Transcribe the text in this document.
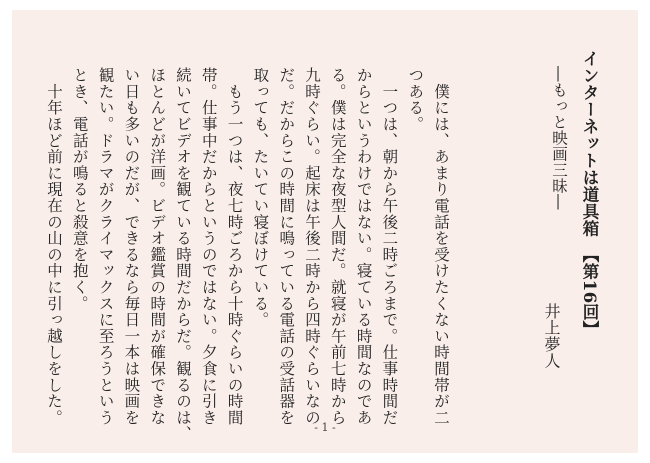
インターネットは道具箱　【第16回】

―もっと映画三昧―

井上夢人

　僕には、あまり電話を受けたくない時間帯が二

つある。

　一つは、朝から午後二時ごろまで。仕事時間だ

からというわけではない。寝ている時間なのであ

る。僕は完全な夜型人間だ。就寝が午前七時から

九時ぐらい。起床は午後二時から四時ぐらいなの

だ。だからこの時間に鳴っている電話の受話器を

取っても、たいてい寝ぼけている。

　もう一つは、夜七時ごろから十時ぐらいの時間

帯。仕事中だからというのではない。夕食に引き

続いてビデオを観ている時間だからだ。観るのは、

ほとんどが洋画。ビデオ鑑賞の時間が確保できな

い日も多いのだが、できるなら毎日一本は映画を

観たい。ドラマがクライマックスに至ろうという

とき、電話が鳴ると殺意を抱く。

　十年ほど前に現在の山の中に引っ越しをした。

- 1 -
